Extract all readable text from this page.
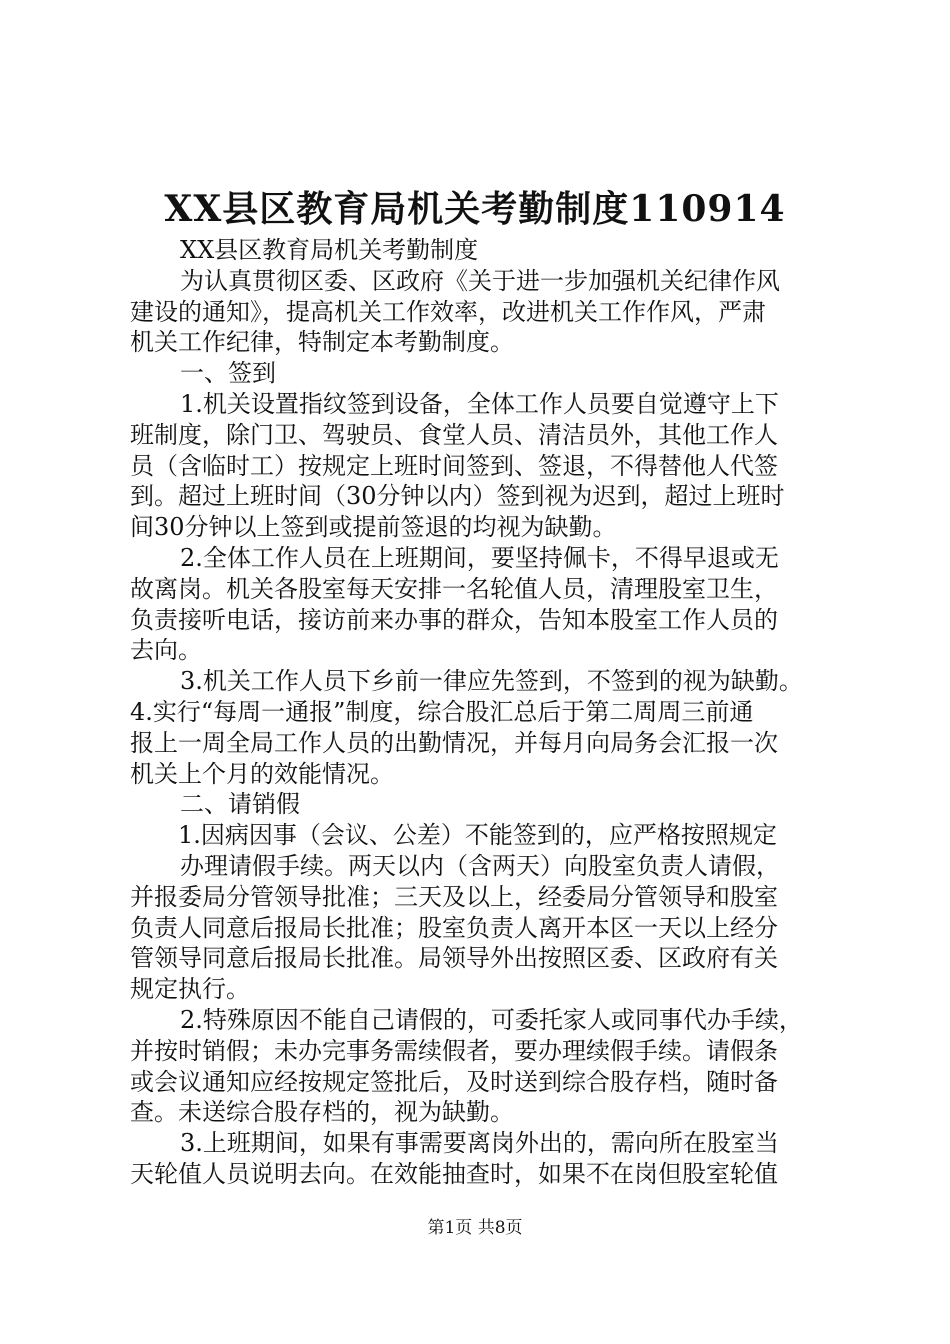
XX县区教育局机关考勤制度110914
XX县区教育局机关考勤制度
为认真贯彻区委、区政府《关于进一步加强机关纪律作风
建设的通知》，提高机关工作效率，改进机关工作作风，严肃
机关工作纪律，特制定本考勤制度。
一、签到
1.机关设置指纹签到设备，全体工作人员要自觉遵守上下
班制度，除门卫、驾驶员、食堂人员、清洁员外，其他工作人
员（含临时工）按规定上班时间签到、签退，不得替他人代签
到。超过上班时间（30分钟以内）签到视为迟到，超过上班时
间30分钟以上签到或提前签退的均视为缺勤。
2.全体工作人员在上班期间，要坚持佩卡，不得早退或无
故离岗。机关各股室每天安排一名轮值人员，清理股室卫生，
负责接听电话，接访前来办事的群众，告知本股室工作人员的
去向。
3.机关工作人员下乡前一律应先签到，不签到的视为缺勤。
4.实行“每周一通报”制度，综合股汇总后于第二周周三前通
报上一周全局工作人员的出勤情况，并每月向局务会汇报一次
机关上个月的效能情况。
二、请销假
1.因病因事（会议、公差）不能签到的，应严格按照规定
办理请假手续。两天以内（含两天）向股室负责人请假，
并报委局分管领导批准；三天及以上，经委局分管领导和股室
负责人同意后报局长批准；股室负责人离开本区一天以上经分
管领导同意后报局长批准。局领导外出按照区委、区政府有关
规定执行。
2.特殊原因不能自己请假的，可委托家人或同事代办手续，
并按时销假；未办完事务需续假者，要办理续假手续。请假条
或会议通知应经按规定签批后，及时送到综合股存档，随时备
查。未送综合股存档的，视为缺勤。
3.上班期间，如果有事需要离岗外出的，需向所在股室当
天轮值人员说明去向。在效能抽查时，如果不在岗但股室轮值
第1页 共8页
